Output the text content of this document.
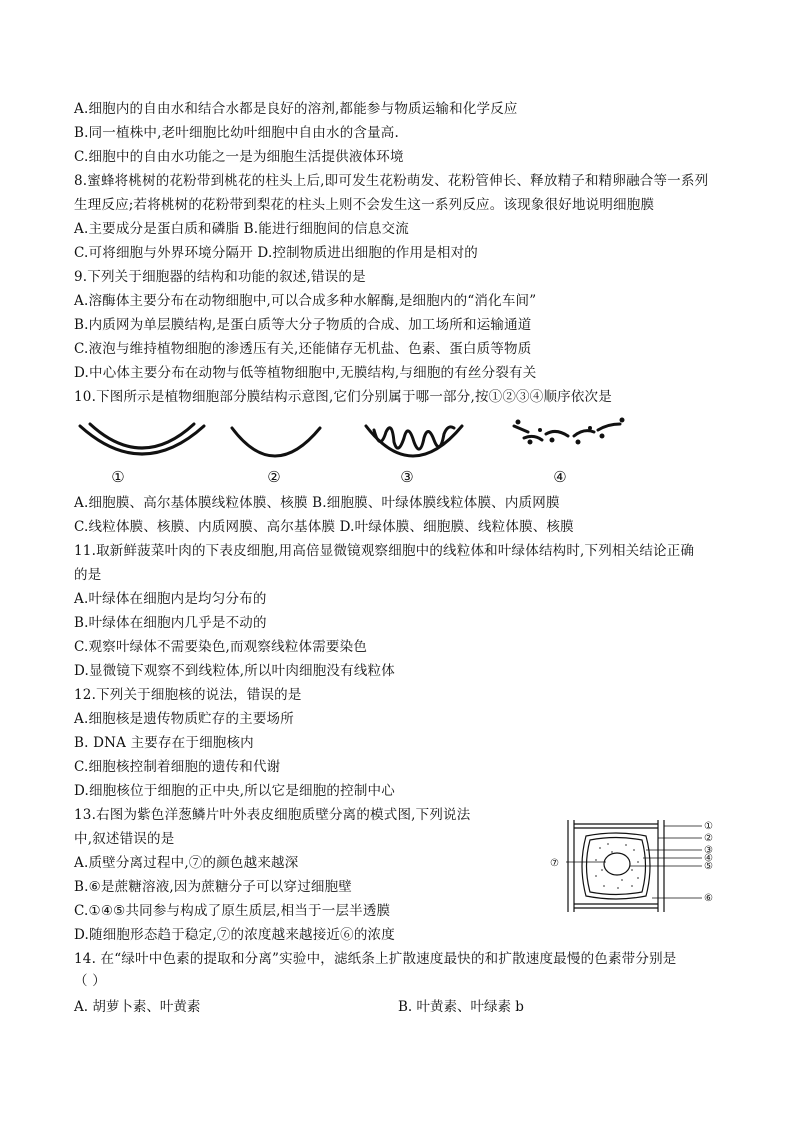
A.细胞内的自由水和结合水都是良好的溶剂,都能参与物质运输和化学反应
B.同一植株中,老叶细胞比幼叶细胞中自由水的含量高.
C.细胞中的自由水功能之一是为细胞生活提供液体环境
8.蜜蜂将桃树的花粉带到桃花的柱头上后,即可发生花粉萌发、花粉管伸长、释放精子和精卵融合等一系列
生理反应;若将桃树的花粉带到梨花的柱头上则不会发生这一系列反应。该现象很好地说明细胞膜
A.主要成分是蛋白质和磷脂 B.能进行细胞间的信息交流
C.可将细胞与外界环境分隔开 D.控制物质进出细胞的作用是相对的
9.下列关于细胞器的结构和功能的叙述,错误的是
A.溶酶体主要分布在动物细胞中,可以合成多种水解酶,是细胞内的“消化车间”
B.内质网为单层膜结构,是蛋白质等大分子物质的合成、加工场所和运输通道
C.液泡与维持植物细胞的渗透压有关,还能储存无机盐、色素、蛋白质等物质
D.中心体主要分布在动物与低等植物细胞中,无膜结构,与细胞的有丝分裂有关
10.下图所示是植物细胞部分膜结构示意图,它们分别属于哪一部分,按①②③④顺序依次是
①	②	③	④
A.细胞膜、高尔基体膜线粒体膜、核膜 B.细胞膜、叶绿体膜线粒体膜、内质网膜
C.线粒体膜、核膜、内质网膜、高尔基体膜 D.叶绿体膜、细胞膜、线粒体膜、核膜
11.取新鲜菠菜叶肉的下表皮细胞,用高倍显微镜观察细胞中的线粒体和叶绿体结构时,下列相关结论正确
的是
A.叶绿体在细胞内是均匀分布的
B.叶绿体在细胞内几乎是不动的
C.观察叶绿体不需要染色,而观察线粒体需要染色
D.显微镜下观察不到线粒体,所以叶肉细胞没有线粒体
12.下列关于细胞核的说法，错误的是
A.细胞核是遗传物质贮存的主要场所
B. DNA 主要存在于细胞核内
C.细胞核控制着细胞的遗传和代谢
D.细胞核位于细胞的正中央,所以它是细胞的控制中心
13.右图为紫色洋葱鳞片叶外表皮细胞质壁分离的模式图,下列说法
中,叙述错误的是
A.质壁分离过程中,⑦的颜色越来越深
B.⑥是蔗糖溶液,因为蔗糖分子可以穿过细胞壁
C.①④⑤共同参与构成了原生质层,相当于一层半透膜
D.随细胞形态趋于稳定,⑦的浓度越来越接近⑥的浓度
①
②
③
④
⑤
⑥
⑦
14. 在“绿叶中色素的提取和分离”实验中，滤纸条上扩散速度最快的和扩散速度最慢的色素带分别是
（ ）
A. 胡萝卜素、叶黄素	B. 叶黄素、叶绿素 b
